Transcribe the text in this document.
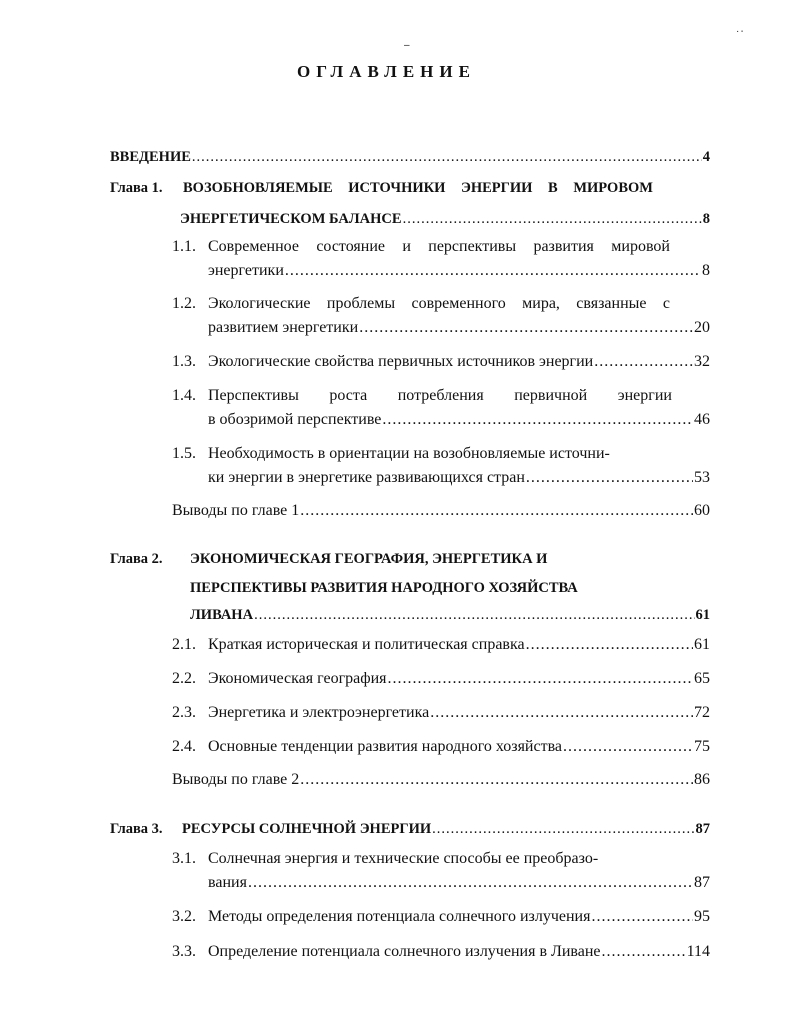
–
·٠
ОГЛАВЛЕНИЕ
ВВЕДЕНИЕ .....	4
Глава 1. ВОЗОБНОВЛЯЕМЫЕ ИСТОЧНИКИ ЭНЕРГИИ В МИРОВОМ
ЭНЕРГЕТИЧЕСКОМ БАЛАНСЕ .....	8
1.1. Современное состояние и перспективы развития мировой
энергетики .....	8
1.2. Экологические проблемы современного мира, связанные с
развитием энергетики .....	20
1.3. Экологические свойства первичных источников энергии .....	32
1.4. Перспективы роста потребления первичной энергии
в обозримой перспективе .....	46
1.5. Необходимость в ориентации на возобновляемые источни-
ки энергии в энергетике развивающихся стран .....	53
Выводы по главе 1 .....	60
Глава 2. ЭКОНОМИЧЕСКАЯ ГЕОГРАФИЯ, ЭНЕРГЕТИКА И
ПЕРСПЕКТИВЫ РАЗВИТИЯ НАРОДНОГО ХОЗЯЙСТВА
ЛИВАНА .....	61
2.1. Краткая историческая и политическая справка .....	61
2.2. Экономическая география .....	65
2.3. Энергетика и электроэнергетика .....	72
2.4. Основные тенденции развития народного хозяйства .....	75
Выводы по главе 2 .....	86
Глава 3. РЕСУРСЫ СОЛНЕЧНОЙ ЭНЕРГИИ .....	87
3.1. Солнечная энергия и технические способы ее преобразо-
вания .....	87
3.2. Методы определения потенциала солнечного излучения .....	95
3.3. Определение потенциала солнечного излучения в Ливане .....	114
